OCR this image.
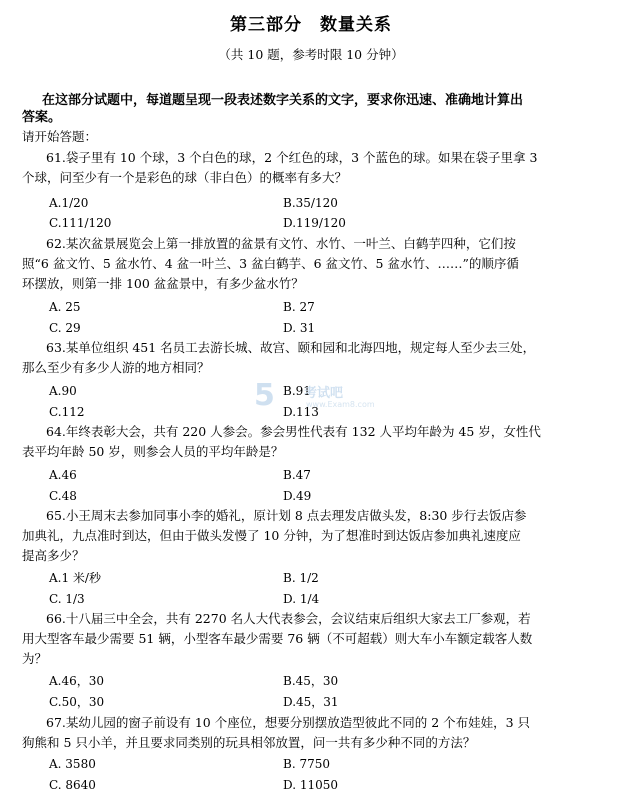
第三部分 数量关系
（共 10 题，参考时限 10 分钟）
在这部分试题中，每道题呈现一段表述数字关系的文字，要求你迅速、准确地计算出
答案。
请开始答题：
61.袋子里有 10 个球，3 个白色的球，2 个红色的球，3 个蓝色的球。如果在袋子里拿 3
个球，问至少有一个是彩色的球（非白色）的概率有多大？
A.1/20	B.35/120
C.111/120	D.119/120
62.某次盆景展览会上第一排放置的盆景有文竹、水竹、一叶兰、白鹤芋四种，它们按
照“6 盆文竹、5 盆水竹、4 盆一叶兰、3 盆白鹤芋、6 盆文竹、5 盆水竹、……”的顺序循
环摆放，则第一排 100 盆盆景中，有多少盆水竹？
A. 25	B. 27
C. 29	D. 31
63.某单位组织 451 名员工去游长城、故宫、颐和园和北海四地，规定每人至少去三处，
那么至少有多少人游的地方相同？
A.90	B.91
C.112	D.113
5 考试吧
www.Exam8.com
64.年终表彰大会，共有 220 人参会。参会男性代表有 132 人平均年龄为 45 岁，女性代
表平均年龄 50 岁，则参会人员的平均年龄是？
A.46	B.47
C.48	D.49
65.小王周末去参加同事小李的婚礼，原计划 8 点去理发店做头发，8:30 步行去饭店参
加典礼，九点准时到达，但由于做头发慢了 10 分钟，为了想准时到达饭店参加典礼速度应
提高多少？
A.1 米/秒	B. 1/2
C. 1/3	D. 1/4
66.十八届三中全会，共有 2270 名人大代表参会，会议结束后组织大家去工厂参观，若
用大型客车最少需要 51 辆，小型客车最少需要 76 辆（不可超载）则大车小车额定载客人数
为？
A.46，30	B.45，30
C.50，30	D.45，31
67.某幼儿园的窗子前设有 10 个座位，想要分别摆放造型彼此不同的 2 个布娃娃，3 只
狗熊和 5 只小羊，并且要求同类别的玩具相邻放置，问一共有多少种不同的方法？
A. 3580	B. 7750
C. 8640	D. 11050
